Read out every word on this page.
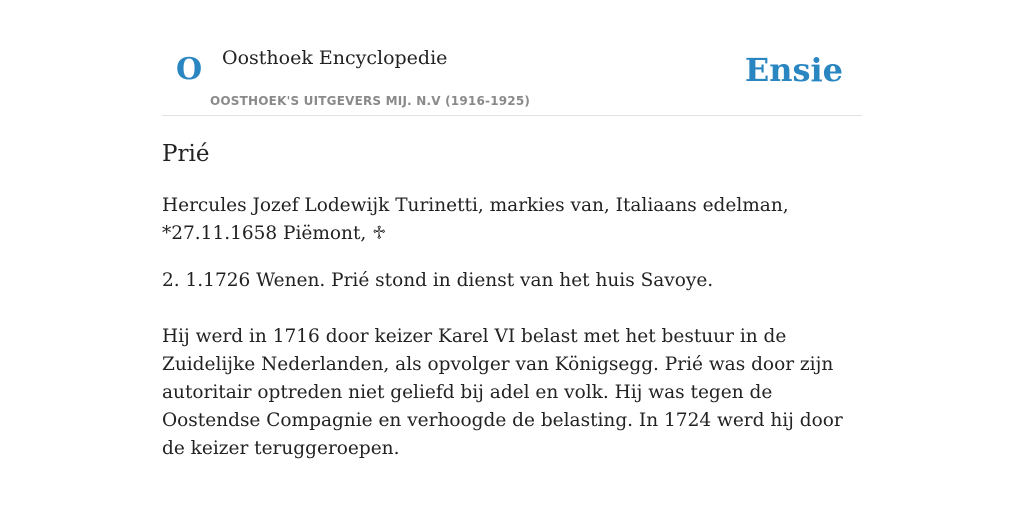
O Oosthoek Encyclopedie
OOSTHOEK'S UITGEVERS MIJ. N.V (1916-1925)
Ensie
Prié

Hercules Jozef Lodewijk Turinetti, markies van, Italiaans edelman, *27.11.1658 Piëmont, ♱

2. 1.1726 Wenen. Prié stond in dienst van het huis Savoye.

Hij werd in 1716 door keizer Karel VI belast met het bestuur in de Zuidelijke Nederlanden, als opvolger van Königsegg. Prié was door zijn autoritair optreden niet geliefd bij adel en volk. Hij was tegen de Oostendse Compagnie en verhoogde de belasting. In 1724 werd hij door de keizer teruggeroepen.
